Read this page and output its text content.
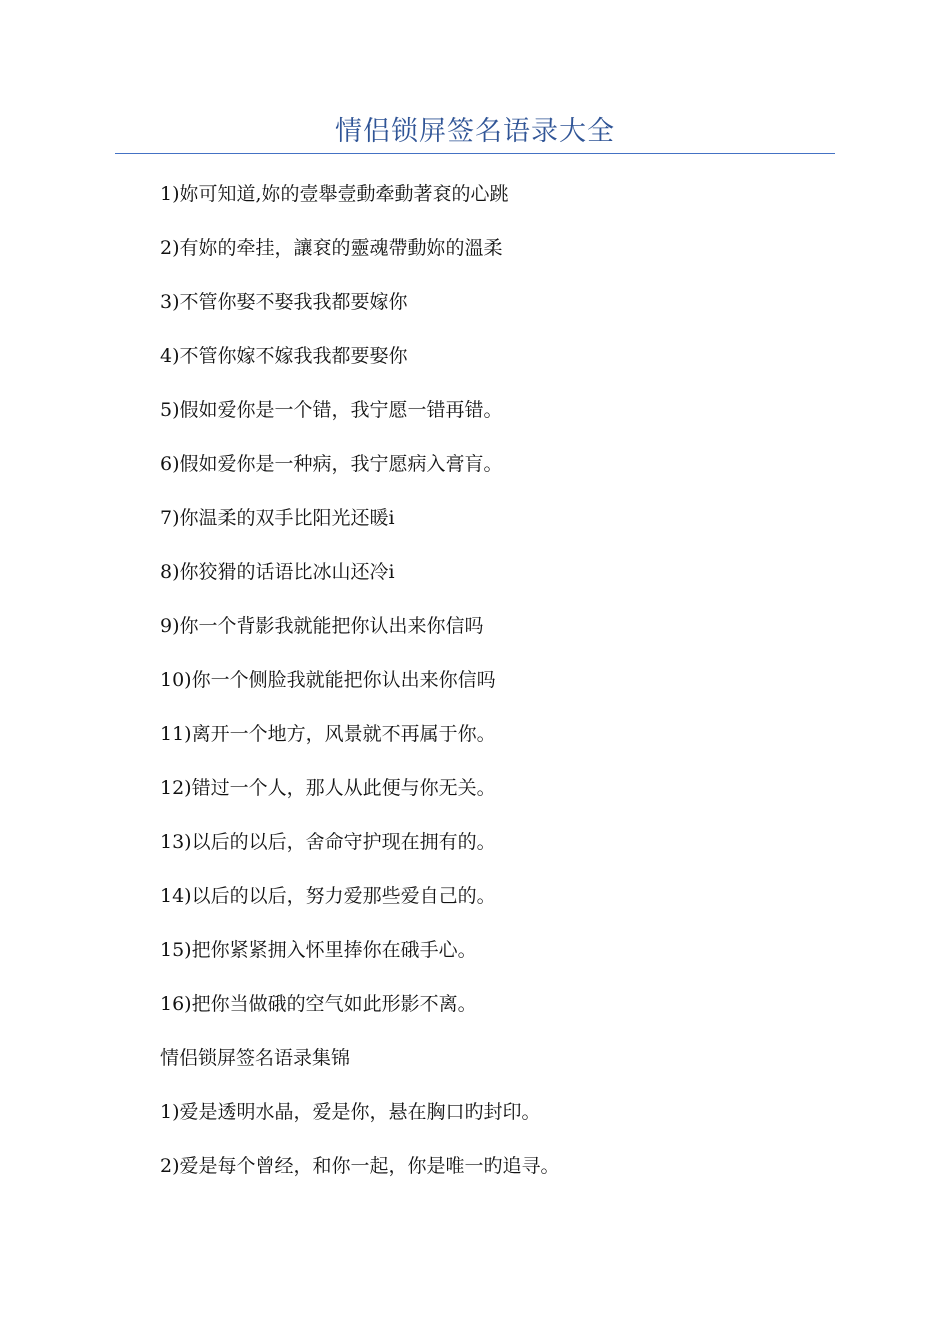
情侣锁屏签名语录大全
1)妳可知道,妳的壹舉壹動牽動著袞的心跳
2)有妳的牵挂，讓袞的靈魂帶動妳的溫柔
3)不管你娶不娶我我都要嫁你
4)不管你嫁不嫁我我都要娶你
5)假如爱你是一个错，我宁愿一错再错。
6)假如爱你是一种病，我宁愿病入膏肓。
7)你温柔的双手比阳光还暖ⅰ
8)你狡猾的话语比冰山还冷ⅰ
9)你一个背影我就能把你认出来你信吗
10)你一个侧脸我就能把你认出来你信吗
11)离开一个地方，风景就不再属于你。
12)错过一个人，那人从此便与你无关。
13)以后的以后，舍命守护现在拥有的。
14)以后的以后，努力爱那些爱自己的。
15)把你紧紧拥入怀里捧你在硪手心。
16)把你当做硪的空气如此形影不离。
情侣锁屏签名语录集锦
1)爱是透明水晶，爱是你，悬在胸口旳封印。
2)爱是每个曾经，和你一起，你是唯一旳追寻。
